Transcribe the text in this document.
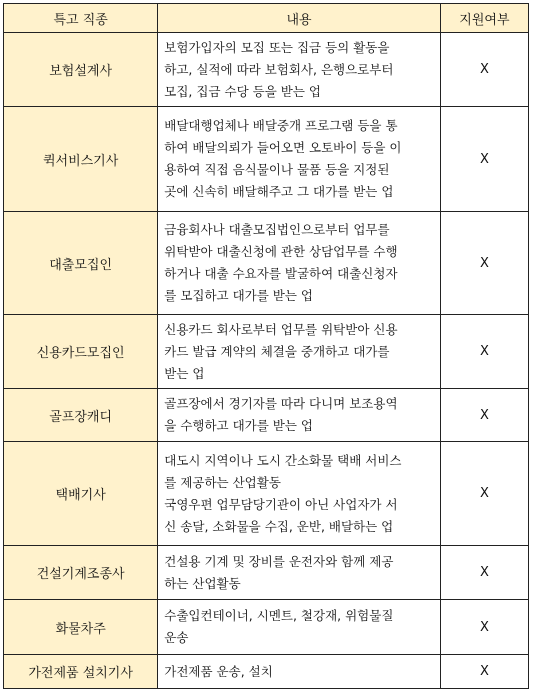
특고 직종	내용	지원여부
보험설계사	보험가입자의 모집 또는 집금 등의 활동을
하고, 실적에 따라 보험회사, 은행으로부터
모집, 집금 수당 등을 받는 업	X
퀵서비스기사	배달대행업체나 배달중개 프로그램 등을 통
하여 배달의뢰가 들어오면 오토바이 등을 이
용하여 직접 음식물이나 물품 등을 지정된
곳에 신속히 배달해주고 그 대가를 받는 업	X
대출모집인	금융회사나 대출모집법인으로부터 업무를
위탁받아 대출신청에 관한 상담업무를 수행
하거나 대출 수요자를 발굴하여 대출신청자
를 모집하고 대가를 받는 업	X
신용카드모집인	신용카드 회사로부터 업무를 위탁받아 신용
카드 발급 계약의 체결을 중개하고 대가를
받는 업	X
골프장캐디	골프장에서 경기자를 따라 다니며 보조용역
을 수행하고 대가를 받는 업	X
택배기사	대도시 지역이나 도시 간소화물 택배 서비스
를 제공하는 산업활동
국영우편 업무담당기관이 아닌 사업자가 서
신 송달, 소화물을 수집, 운반, 배달하는 업	X
건설기계조종사	건설용 기계 및 장비를 운전자와 함께 제공
하는 산업활동	X
화물차주	수출입컨테이너, 시멘트, 철강재, 위험물질
운송	X
가전제품 설치기사	가전제품 운송, 설치	X
